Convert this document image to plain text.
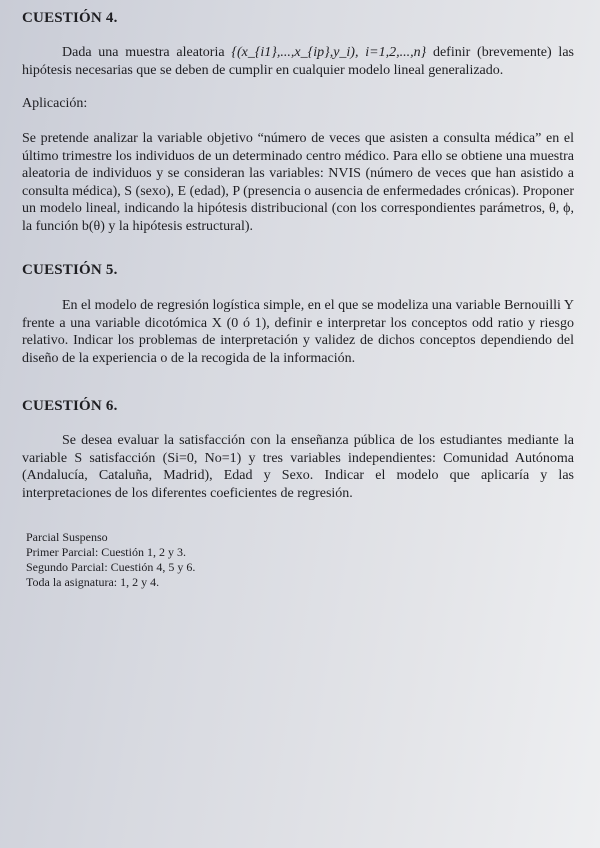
CUESTIÓN 4.
Dada una muestra aleatoria {(x_{i1},...,x_{ip},y_i), i=1,2,...,n} definir (brevemente) las hipótesis necesarias que se deben de cumplir en cualquier modelo lineal generalizado.
Aplicación:
Se pretende analizar la variable objetivo “número de veces que asisten a consulta médica” en el último trimestre los individuos de un determinado centro médico. Para ello se obtiene una muestra aleatoria de individuos y se consideran las variables: NVIS (número de veces que han asistido a consulta médica), S (sexo), E (edad), P (presencia o ausencia de enfermedades crónicas). Proponer un modelo lineal, indicando la hipótesis distribucional (con los correspondientes parámetros, θ, ϕ, la función b(θ) y la hipótesis estructural).
CUESTIÓN 5.
En el modelo de regresión logística simple, en el que se modeliza una variable Bernouilli Y frente a una variable dicotómica X (0 ó 1), definir e interpretar los conceptos odd ratio y riesgo relativo. Indicar los problemas de interpretación y validez de dichos conceptos dependiendo del diseño de la experiencia o de la recogida de la información.
CUESTIÓN 6.
Se desea evaluar la satisfacción con la enseñanza pública de los estudiantes mediante la variable S satisfacción (Si=0, No=1) y tres variables independientes: Comunidad Autónoma (Andalucía, Cataluña, Madrid), Edad y Sexo. Indicar el modelo que aplicaría y las interpretaciones de los diferentes coeficientes de regresión.
Parcial Suspenso
Primer Parcial: Cuestión 1, 2 y 3.
Segundo Parcial: Cuestión 4, 5 y 6.
Toda la asignatura: 1, 2 y 4.
